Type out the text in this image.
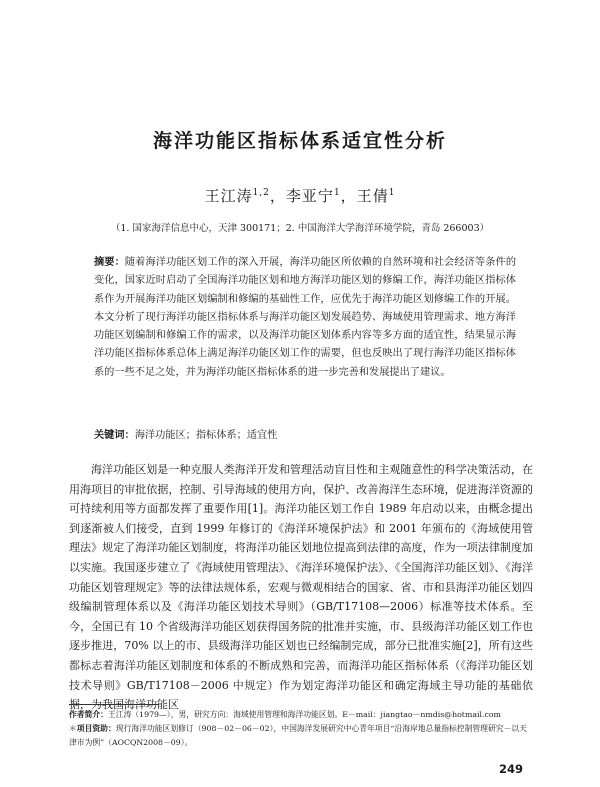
海洋功能区指标体系适宜性分析
王江涛$^{1,2}$，李亚宁$^1$，王倩$^1$
（1. 国家海洋信息中心，天津 300171；2. 中国海洋大学海洋环境学院，青岛 266003）
摘要：随着海洋功能区划工作的深入开展，海洋功能区所依赖的自然环境和社会经济等条件的变化，国家近时启动了全国海洋功能区划和地方海洋功能区划的修编工作，海洋功能区指标体系作为开展海洋功能区划编制和修编的基础性工作，应优先于海洋功能区划修编工作的开展。本文分析了现行海洋功能区指标体系与海洋功能区划发展趋势、海域使用管理需求、地方海洋功能区划编制和修编工作的需求，以及海洋功能区划体系内容等多方面的适宜性，结果显示海洋功能区指标体系总体上满足海洋功能区划工作的需要，但也反映出了现行海洋功能区指标体系的一些不足之处，并为海洋功能区指标体系的进一步完善和发展提出了建议。
关键词：海洋功能区；指标体系；适宜性

海洋功能区划是一种克服人类海洋开发和管理活动盲目性和主观随意性的科学决策活动，在用海项目的审批依据，控制、引导海域的使用方向，保护、改善海洋生态环境，促进海洋资源的可持续利用等方面都发挥了重要作用[1]。海洋功能区划工作自 1989 年启动以来，由概念提出到逐渐被人们接受，直到 1999 年修订的《海洋环境保护法》和 2001 年颁布的《海域使用管理法》规定了海洋功能区划制度，将海洋功能区划地位提高到法律的高度，作为一项法律制度加以实施。我国逐步建立了《海域使用管理法》、《海洋环境保护法》、《全国海洋功能区划》、《海洋功能区划管理规定》等的法律法规体系，宏观与微观相结合的国家、省、市和县海洋功能区划四级编制管理体系以及《海洋功能区划技术导则》（GB/T17108—2006）标准等技术体系。至今，全国已有 10 个省级海洋功能区划获得国务院的批准并实施，市、县级海洋功能区划工作也逐步推进，70% 以上的市、县级海洋功能区划也已经编制完成，部分已批准实施[2]，所有这些都标志着海洋功能区划制度和体系的不断成熟和完善，而海洋功能区指标体系（《海洋功能区划技术导则》GB/T17108－2006 中规定）作为划定海洋功能区和确定海域主导功能的基础依据，为我国海洋功能区

249
作者简介：王江涛（1979—），男，研究方向：海域使用管理和海洋功能区划。E－mail：jiangtao－nmdis@hotmail.com
＊项目资助：现行海洋功能区划修订（908－02－06－02），中国海洋发展研究中心青年项目“沿海岸地总量指标控制管理研究－以天津市为例”（AOCQN2008－09）。
